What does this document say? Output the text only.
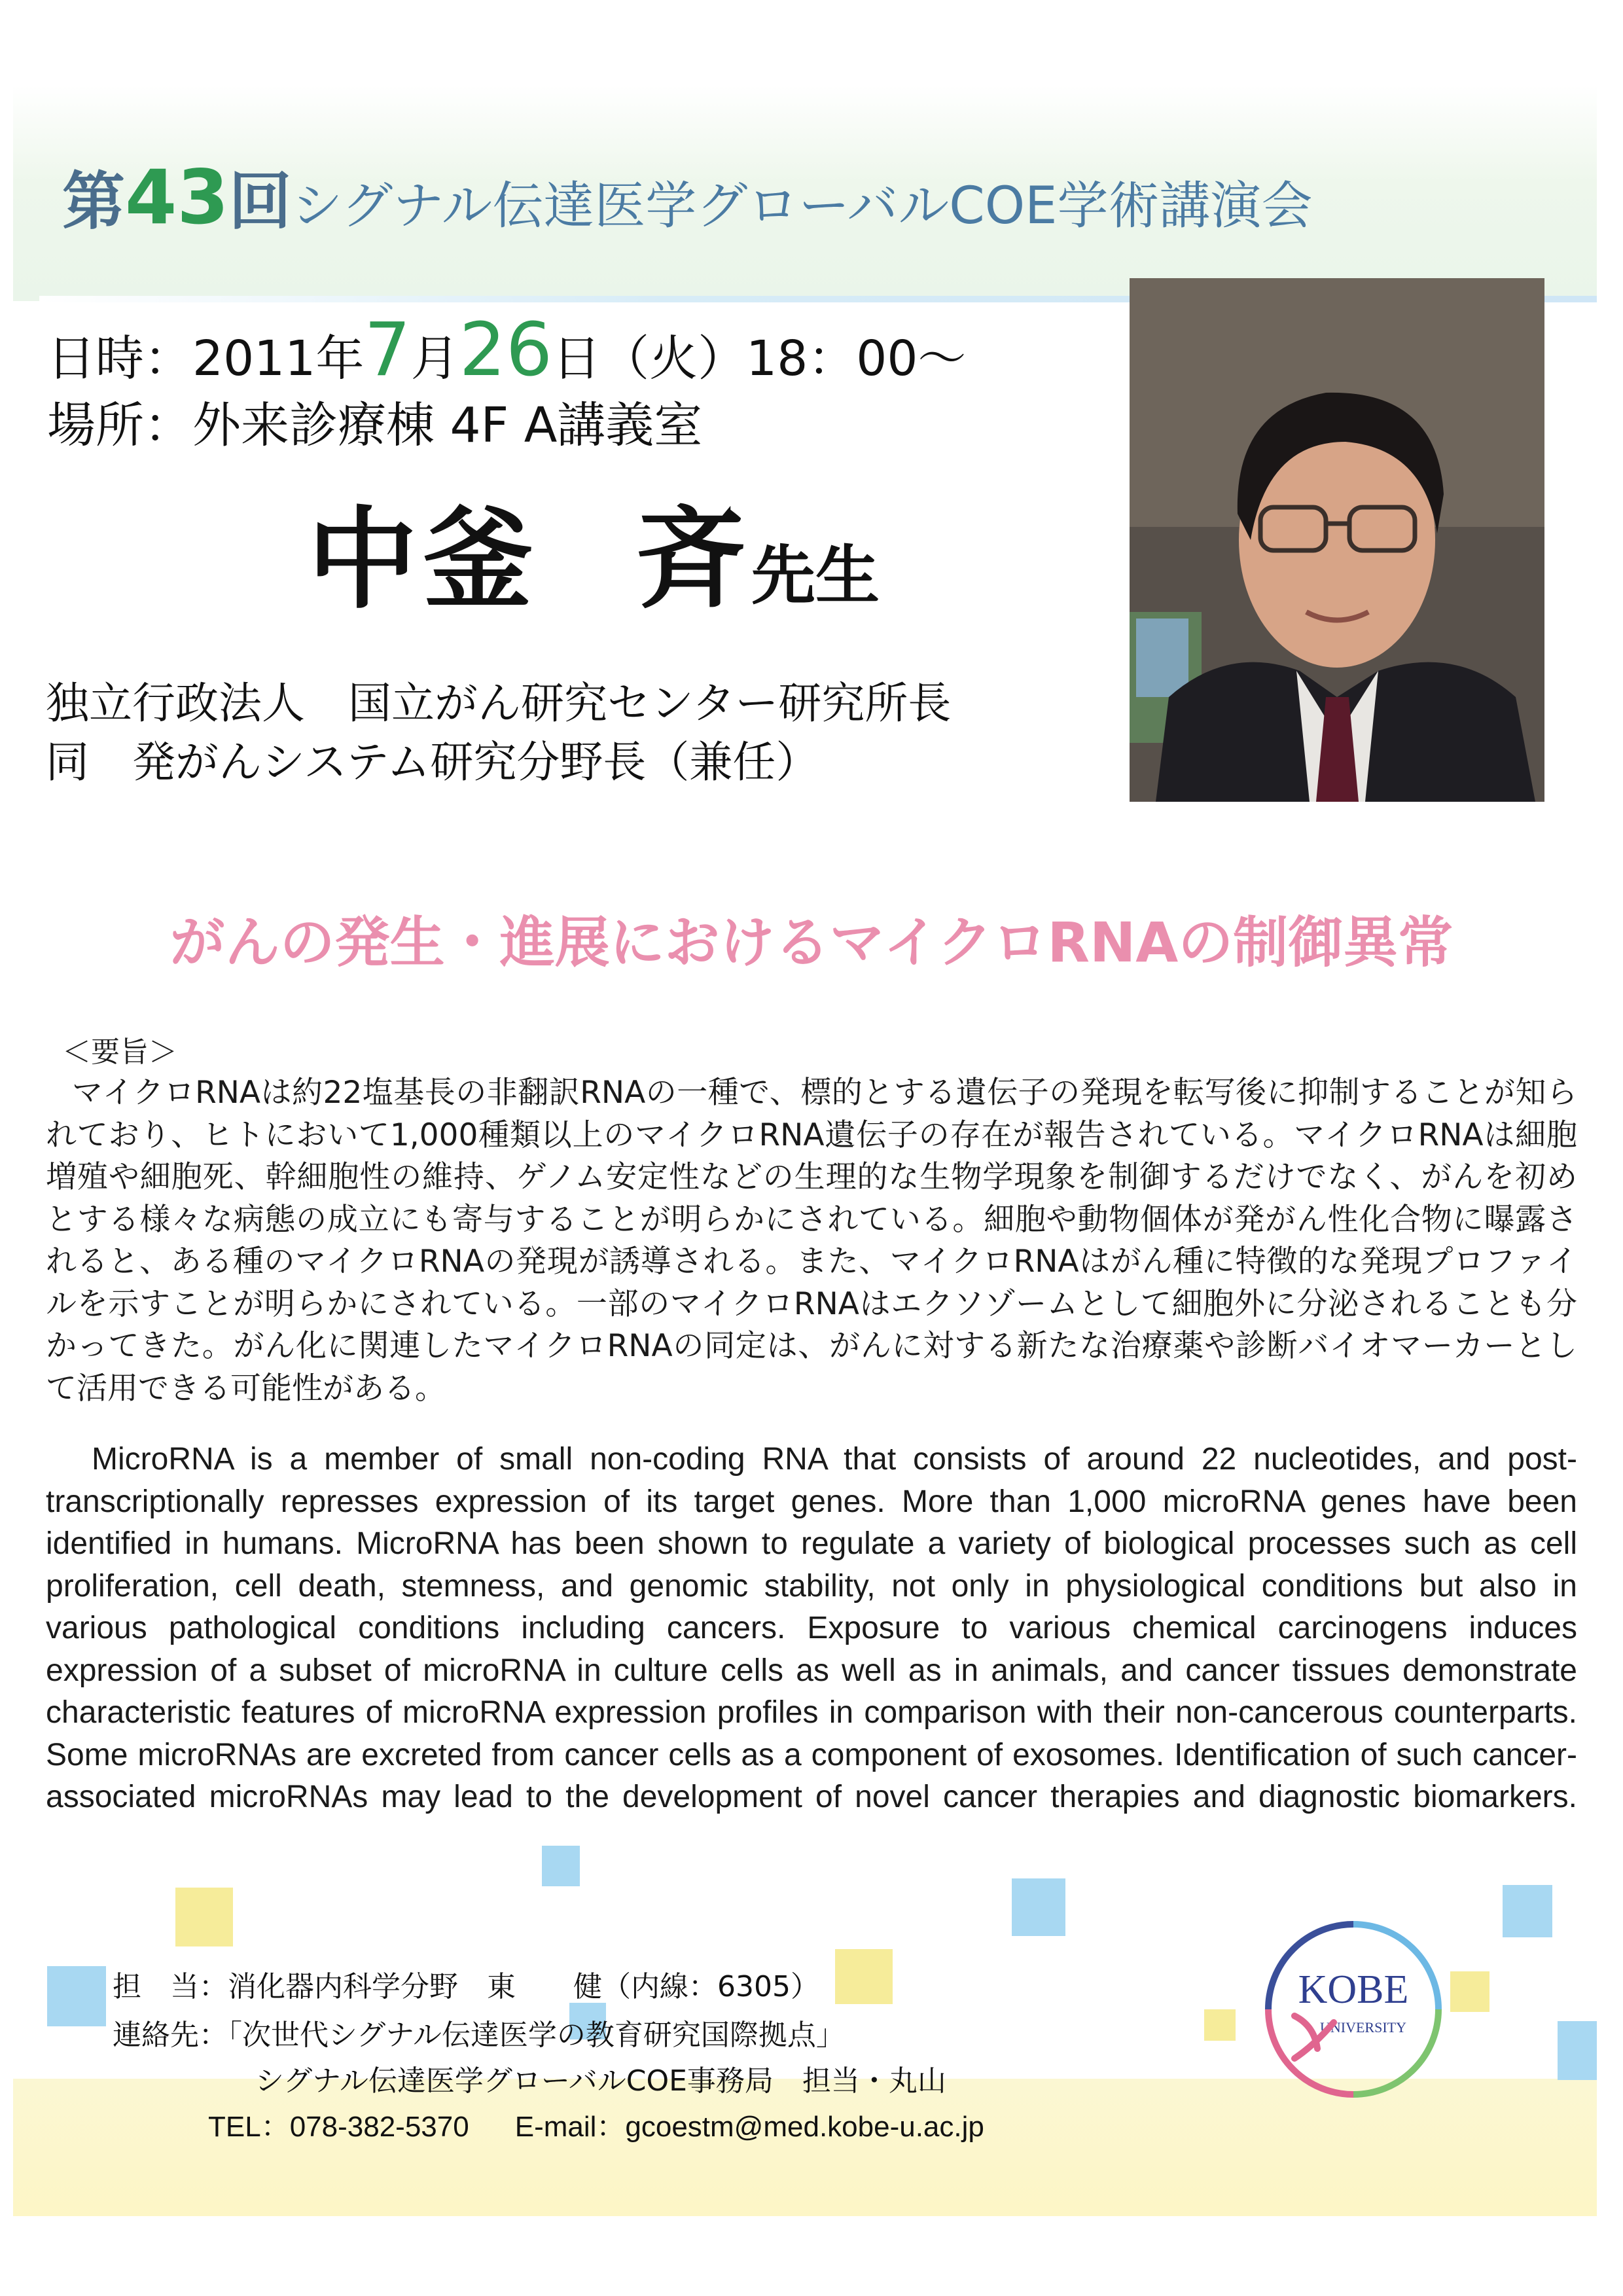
第43回シグナル伝達医学グローバルCOE学術講演会
日時：2011年7月26日（火）18：00～
場所：外来診療棟 4F A講義室
中釜 斉先生
独立行政法人　国立がん研究センター研究所長
同　発がんシステム研究分野長（兼任）
がんの発生・進展におけるマイクロRNAの制御異常
＜要旨＞
マイクロRNAは約22塩基長の非翻訳RNAの一種で、標的とする遺伝子の発現を転写後に抑制することが知られており、ヒトにおいて1,000種類以上のマイクロRNA遺伝子の存在が報告されている。マイクロRNAは細胞増殖や細胞死、幹細胞性の維持、ゲノム安定性などの生理的な生物学現象を制御するだけでなく、がんを初めとする様々な病態の成立にも寄与することが明らかにされている。細胞や動物個体が発がん性化合物に曝露されると、ある種のマイクロRNAの発現が誘導される。また、マイクロRNAはがん種に特徴的な発現プロファイルを示すことが明らかにされている。一部のマイクロRNAはエクソゾームとして細胞外に分泌されることも分かってきた。がん化に関連したマイクロRNAの同定は、がんに対する新たな治療薬や診断バイオマーカーとして活用できる可能性がある。
MicroRNA is a member of small non-coding RNA that consists of around 22 nucleotides, and post-transcriptionally represses expression of its target genes. More than 1,000 microRNA genes have been identified in humans. MicroRNA has been shown to regulate a variety of biological processes such as cell proliferation, cell death, stemness, and genomic stability, not only in physiological conditions but also in various pathological conditions including cancers. Exposure to various chemical carcinogens induces expression of a subset of microRNA in culture cells as well as in animals, and cancer tissues demonstrate characteristic features of microRNA expression profiles in comparison with their non-cancerous counterparts. Some microRNAs are excreted from cancer cells as a component of exosomes. Identification of such cancer-associated microRNAs may lead to the development of novel cancer therapies and diagnostic biomarkers.
担　当：消化器内科学分野　東　　健（内線：6305）
連絡先：「次世代シグナル伝達医学の教育研究国際拠点」
シグナル伝達医学グローバルCOE事務局　担当・丸山
TEL：078-382-5370 E-mail：gcoestm@med.kobe-u.ac.jp
KOBE
UNIVERSITY
